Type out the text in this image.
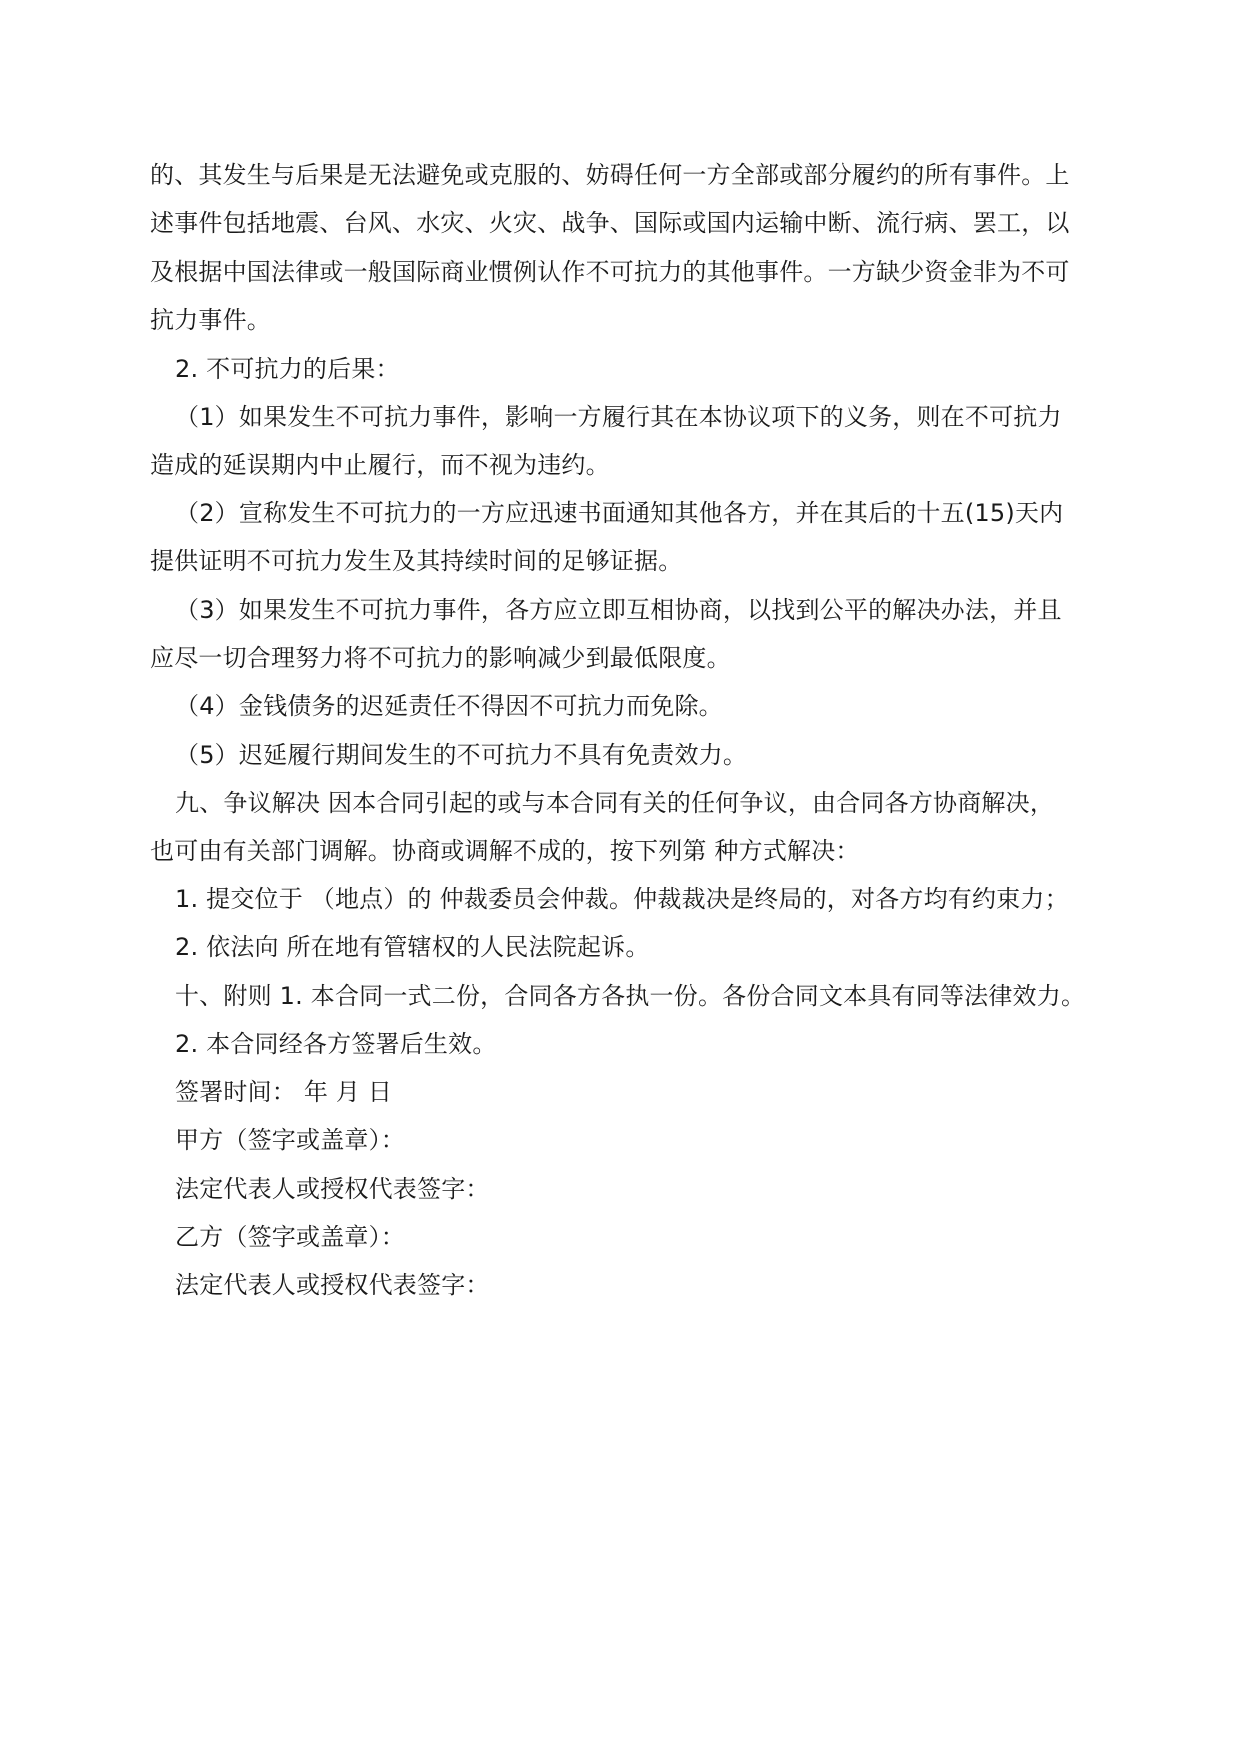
的、其发生与后果是无法避免或克服的、妨碍任何一方全部或部分履约的所有事件。上
述事件包括地震、台风、水灾、火灾、战争、国际或国内运输中断、流行病、罢工，以
及根据中国法律或一般国际商业惯例认作不可抗力的其他事件。一方缺少资金非为不可
抗力事件。
2. 不可抗力的后果：
（1）如果发生不可抗力事件，影响一方履行其在本协议项下的义务，则在不可抗力
造成的延误期内中止履行，而不视为违约。
（2）宣称发生不可抗力的一方应迅速书面通知其他各方，并在其后的十五(15)天内
提供证明不可抗力发生及其持续时间的足够证据。
（3）如果发生不可抗力事件，各方应立即互相协商，以找到公平的解决办法，并且
应尽一切合理努力将不可抗力的影响减少到最低限度。
（4）金钱债务的迟延责任不得因不可抗力而免除。
（5）迟延履行期间发生的不可抗力不具有免责效力。
九、争议解决 因本合同引起的或与本合同有关的任何争议，由合同各方协商解决，
也可由有关部门调解。协商或调解不成的，按下列第 种方式解决：
1. 提交位于 （地点）的 仲裁委员会仲裁。仲裁裁决是终局的，对各方均有约束力；
2. 依法向 所在地有管辖权的人民法院起诉。
十、附则 1. 本合同一式二份，合同各方各执一份。各份合同文本具有同等法律效力。
2. 本合同经各方签署后生效。
签署时间： 年 月 日
甲方（签字或盖章）：
法定代表人或授权代表签字：
乙方（签字或盖章）：
法定代表人或授权代表签字：
